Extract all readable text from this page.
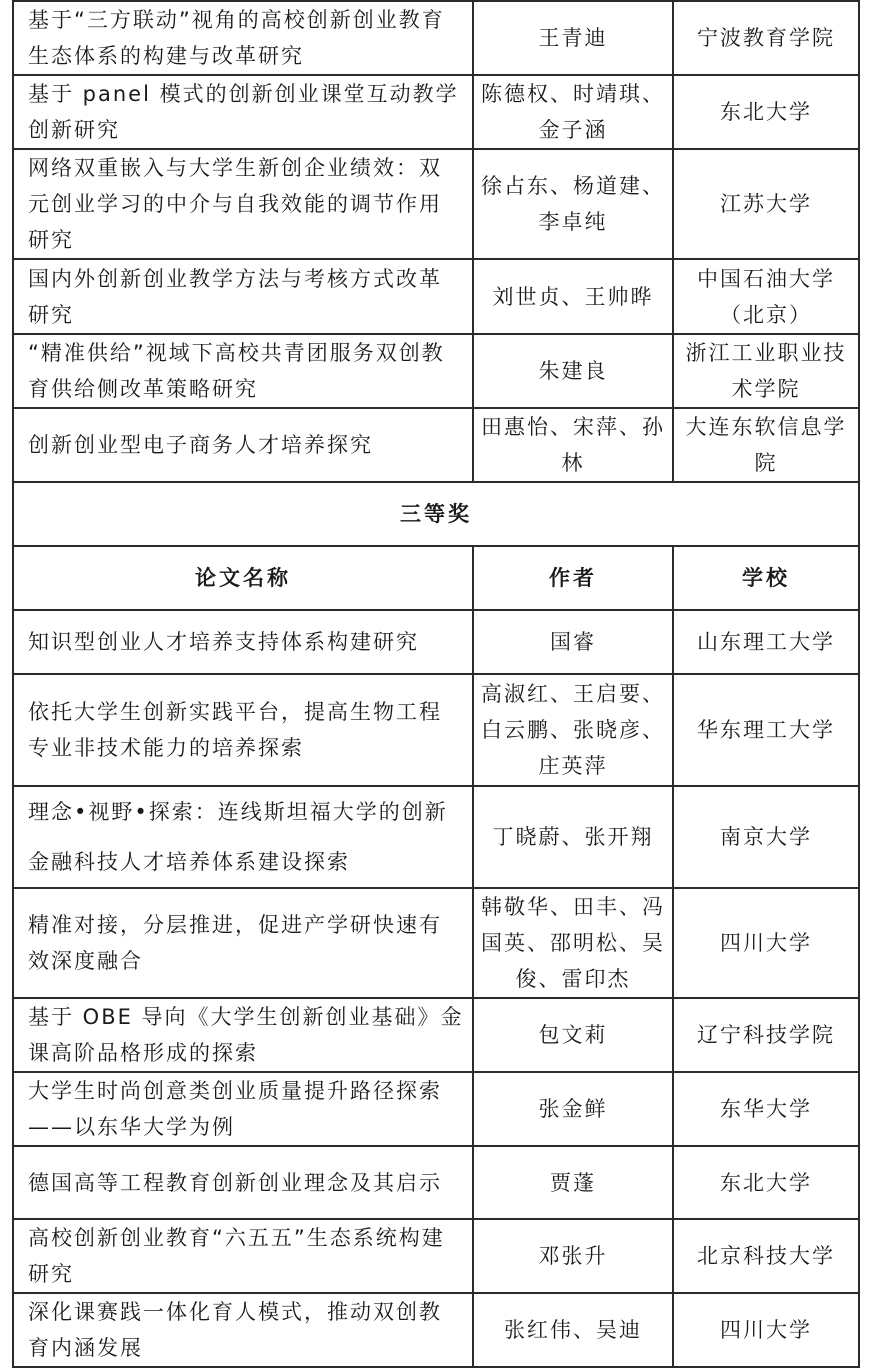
基于“三方联动”视角的高校创新创业教育生态体系的构建与改革研究	王青迪	宁波教育学院
基于 panel 模式的创新创业课堂互动教学创新研究	陈德权、时靖琪、金子涵	东北大学
网络双重嵌入与大学生新创企业绩效：双元创业学习的中介与自我效能的调节作用研究	徐占东、杨道建、李卓纯	江苏大学
国内外创新创业教学方法与考核方式改革研究	刘世贞、王帅晔	中国石油大学（北京）
“精准供给”视域下高校共青团服务双创教育供给侧改革策略研究	朱建良	浙江工业职业技术学院
创新创业型电子商务人才培养探究	田惠怡、宋萍、孙林	大连东软信息学院
三等奖		
论文名称	作者	学校
知识型创业人才培养支持体系构建研究	国睿	山东理工大学
依托大学生创新实践平台，提高生物工程专业非技术能力的培养探索	高淑红、王启要、白云鹏、张晓彦、庄英萍	华东理工大学
理念•视野•探索：连线斯坦福大学的创新金融科技人才培养体系建设探索	丁晓蔚、张开翔	南京大学
精准对接，分层推进，促进产学研快速有效深度融合	韩敬华、田丰、冯国英、邵明松、吴俊、雷印杰	四川大学
基于 OBE 导向《大学生创新创业基础》金课高阶品格形成的探索	包文莉	辽宁科技学院
大学生时尚创意类创业质量提升路径探索——以东华大学为例	张金鲜	东华大学
德国高等工程教育创新创业理念及其启示	贾蓬	东北大学
高校创新创业教育“六五五”生态系统构建研究	邓张升	北京科技大学
深化课赛践一体化育人模式，推动双创教育内涵发展	张红伟、吴迪	四川大学
